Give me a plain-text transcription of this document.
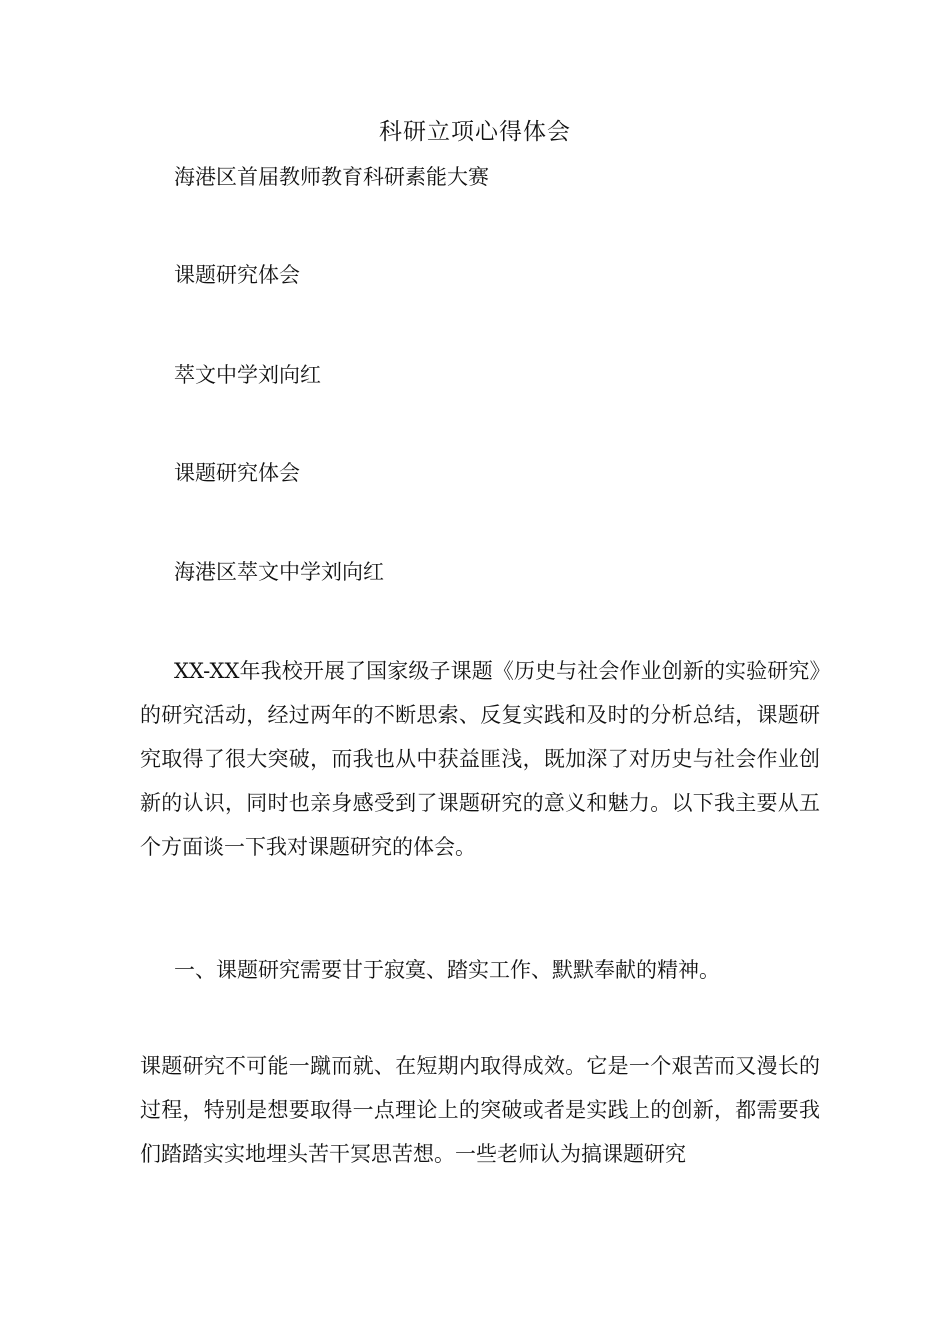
科研立项心得体会
海港区首届教师教育科研素能大赛
课题研究体会
萃文中学刘向红
课题研究体会
海港区萃文中学刘向红

XX-XX年我校开展了国家级子课题《历史与社会作业创新的实验研究》的研究活动，经过两年的不断思索、反复实践和及时的分析总结，课题研究取得了很大突破，而我也从中获益匪浅，既加深了对历史与社会作业创新的认识，同时也亲身感受到了课题研究的意义和魅力。以下我主要从五个方面谈一下我对课题研究的体会。

一、课题研究需要甘于寂寞、踏实工作、默默奉献的精神。

课题研究不可能一蹴而就、在短期内取得成效。它是一个艰苦而又漫长的过程，特别是想要取得一点理论上的突破或者是实践上的创新，都需要我们踏踏实实地埋头苦干冥思苦想。一些老师认为搞课题研究
